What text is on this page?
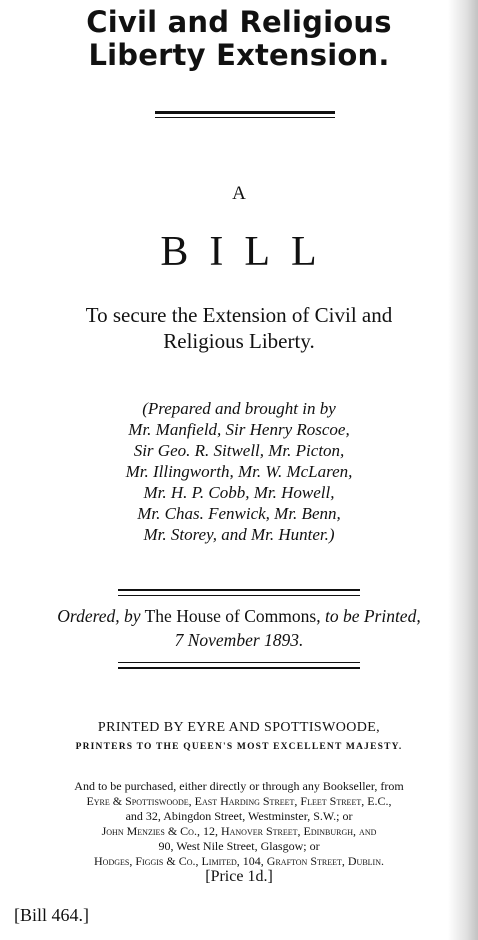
Civil and Religious
Liberty Extension.
A
BILL
To secure the Extension of Civil and
Religious Liberty.
(Prepared and brought in by
Mr. Manfield, Sir Henry Roscoe,
Sir Geo. R. Sitwell, Mr. Picton,
Mr. Illingworth, Mr. W. McLaren,
Mr. H. P. Cobb, Mr. Howell,
Mr. Chas. Fenwick, Mr. Benn,
Mr. Storey, and Mr. Hunter.)
Ordered, by The House of Commons, to be Printed,
7 November 1893.
PRINTED BY EYRE AND SPOTTISWOODE,
PRINTERS TO THE QUEEN'S MOST EXCELLENT MAJESTY.
And to be purchased, either directly or through any Bookseller, from
Eyre & Spottiswoode, East Harding Street, Fleet Street, E.C.,
and 32, Abingdon Street, Westminster, S.W.; or
John Menzies & Co., 12, Hanover Street, Edinburgh, and
90, West Nile Street, Glasgow; or
Hodges, Figgis & Co., Limited, 104, Grafton Street, Dublin.
[Price 1d.]
[Bill 464.]
